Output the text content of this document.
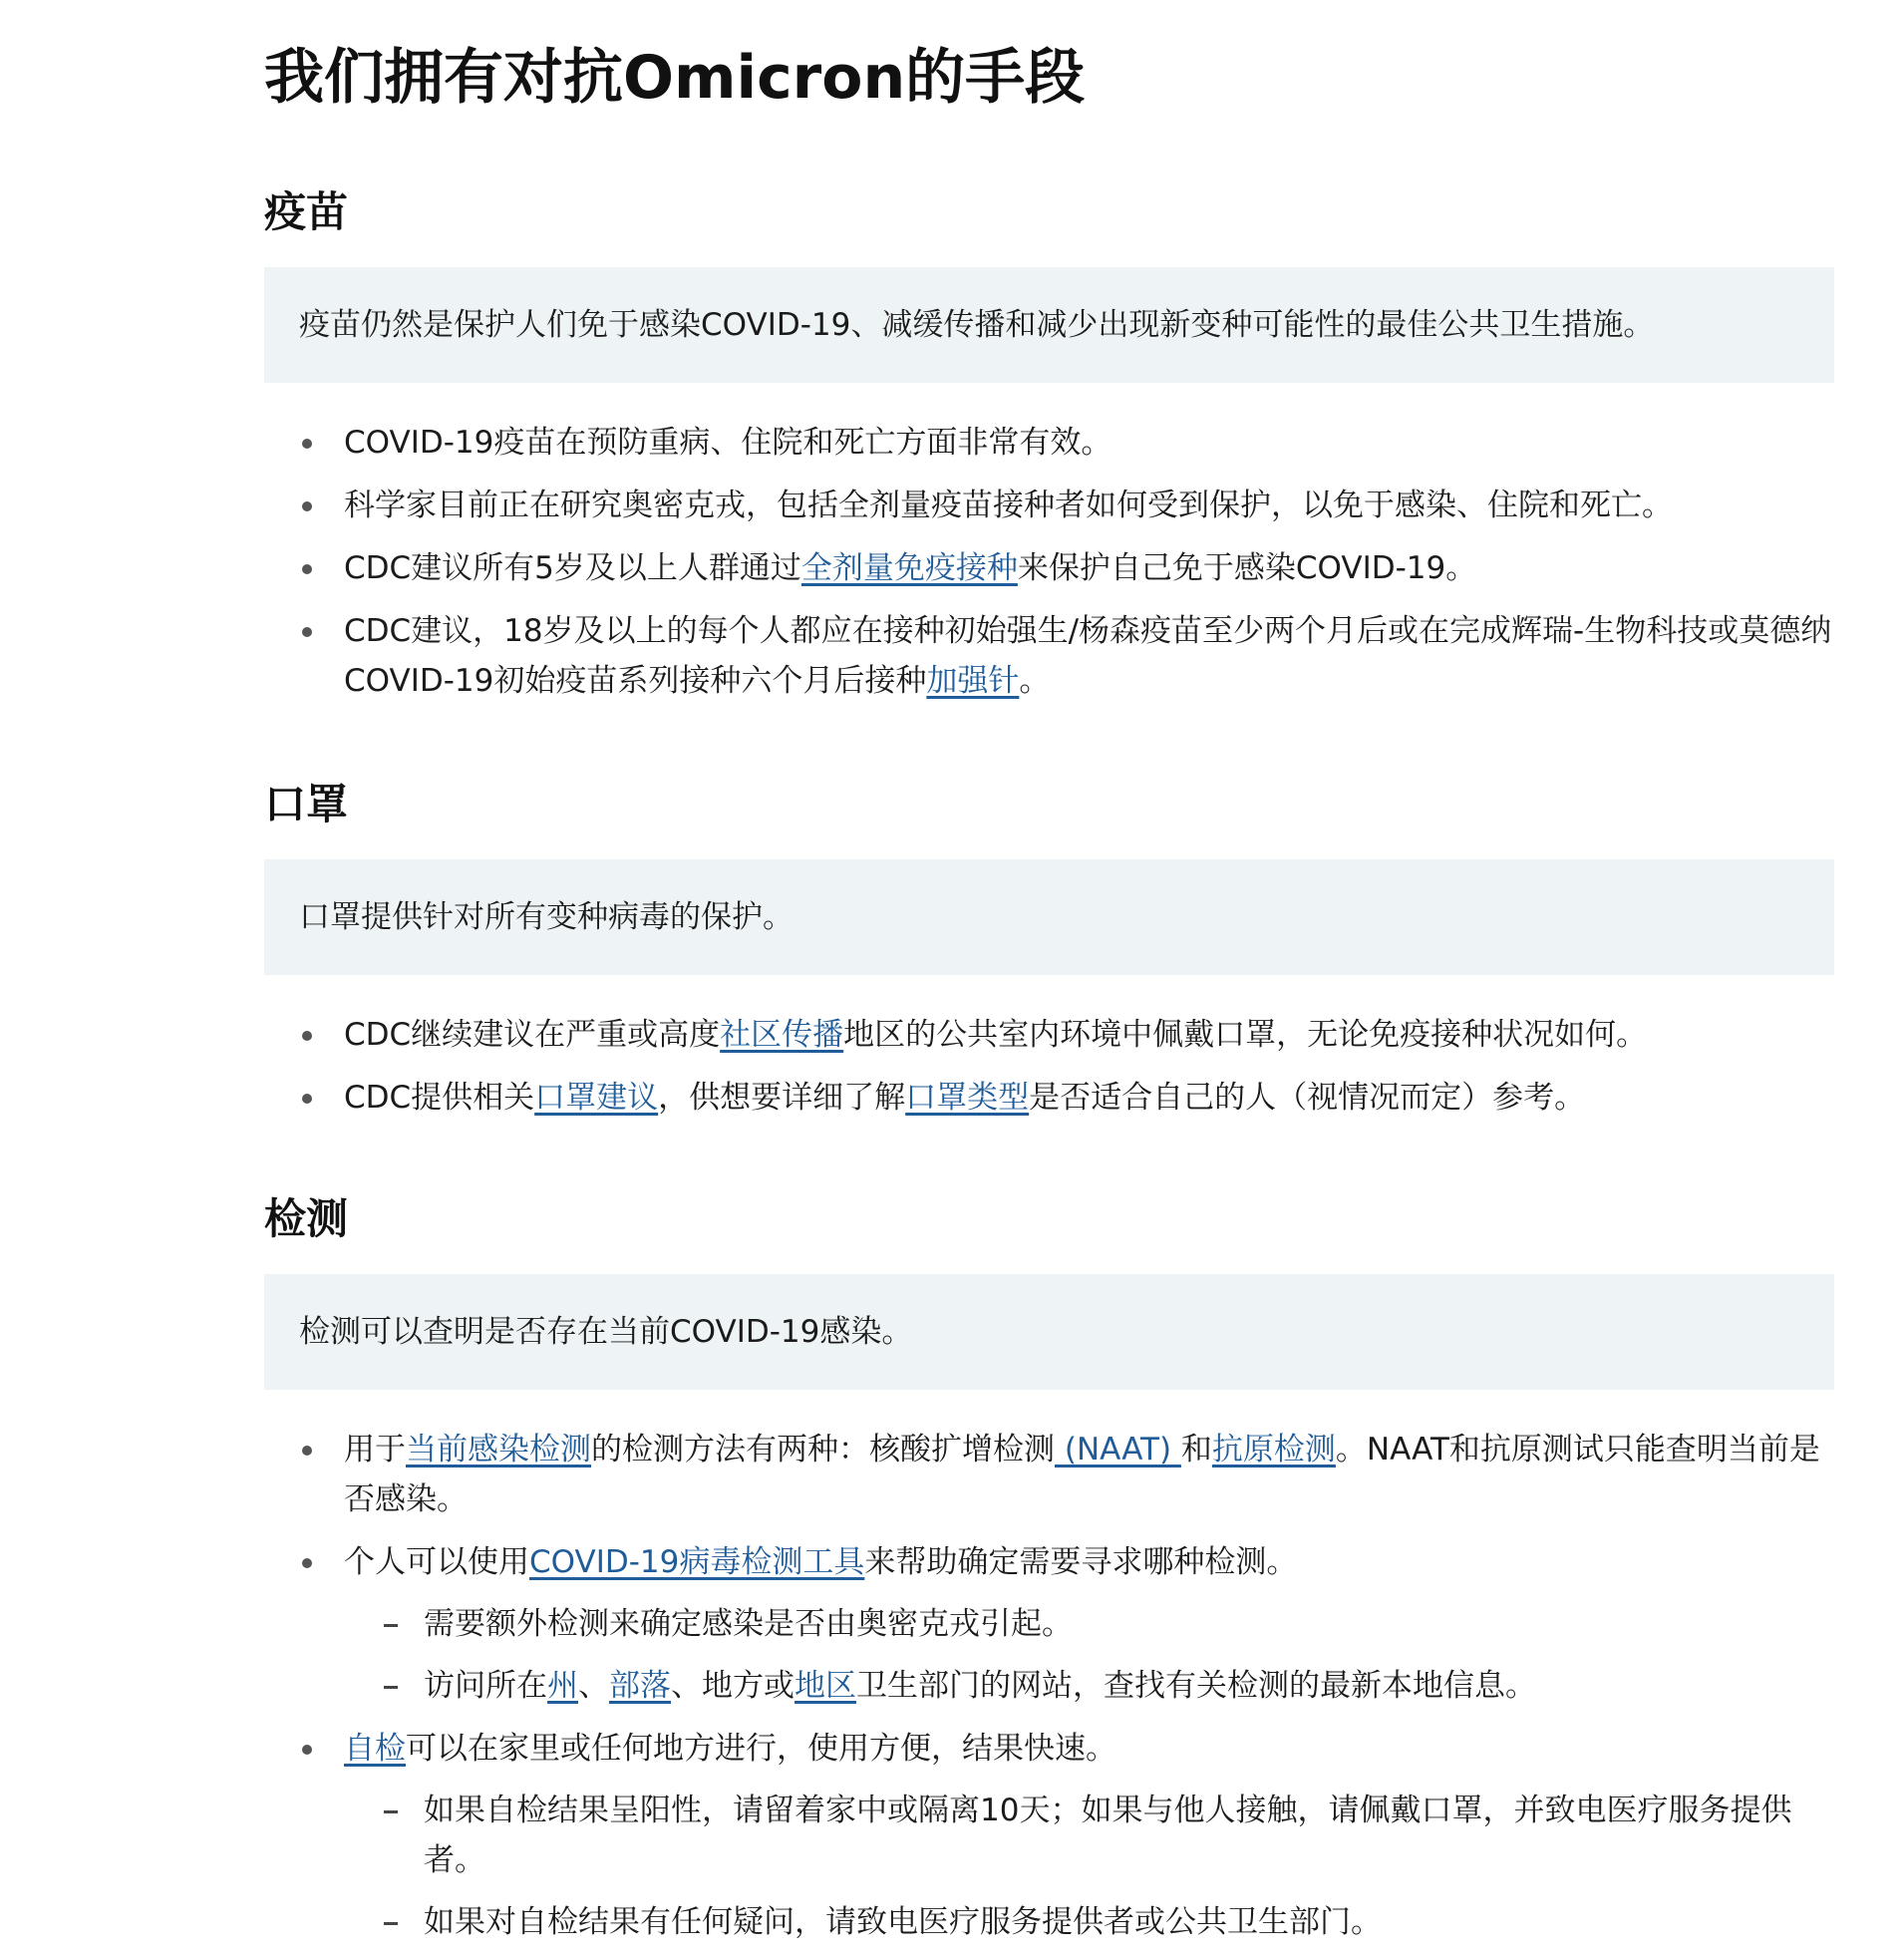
我们拥有对抗Omicron的手段
疫苗
疫苗仍然是保护人们免于感染COVID-19、减缓传播和减少出现新变种可能性的最佳公共卫生措施。
COVID-19疫苗在预防重病、住院和死亡方面非常有效。
科学家目前正在研究奥密克戎，包括全剂量疫苗接种者如何受到保护，以免于感染、住院和死亡。
CDC建议所有5岁及以上人群通过全剂量免疫接种来保护自己免于感染COVID-19。
CDC建议，18岁及以上的每个人都应在接种初始强生/杨森疫苗至少两个月后或在完成辉瑞-生物科技或莫德纳COVID-19初始疫苗系列接种六个月后接种加强针。
口罩
口罩提供针对所有变种病毒的保护。
CDC继续建议在严重或高度社区传播地区的公共室内环境中佩戴口罩，无论免疫接种状况如何。
CDC提供相关口罩建议，供想要详细了解口罩类型是否适合自己的人（视情况而定）参考。
检测
检测可以查明是否存在当前COVID-19感染。
用于当前感染检测的检测方法有两种：核酸扩增检测 (NAAT) 和抗原检测。NAAT和抗原测试只能查明当前是否感染。
个人可以使用COVID-19病毒检测工具来帮助确定需要寻求哪种检测。
需要额外检测来确定感染是否由奥密克戎引起。
访问所在州、部落、地方或地区卫生部门的网站，查找有关检测的最新本地信息。
自检可以在家里或任何地方进行，使用方便，结果快速。
如果自检结果呈阳性，请留着家中或隔离10天；如果与他人接触，请佩戴口罩，并致电医疗服务提供者。
如果对自检结果有任何疑问，请致电医疗服务提供者或公共卫生部门。
